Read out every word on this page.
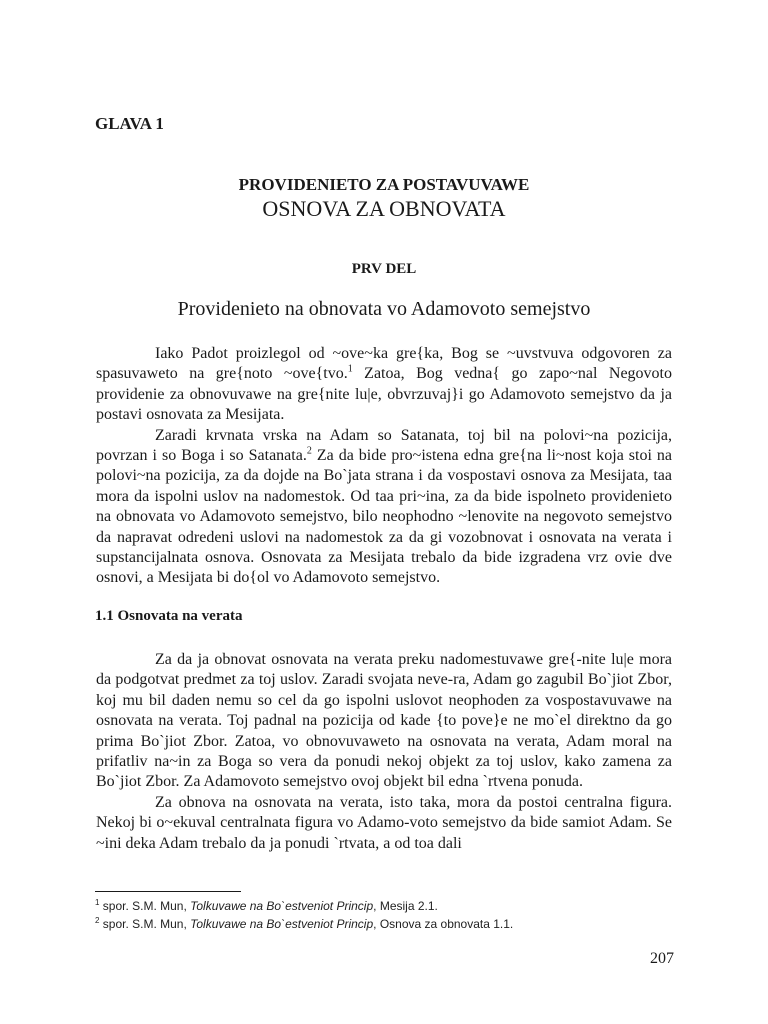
GLAVA 1
PROVIDENIETO ZA POSTAVUVAWE
OSNOVA ZA OBNOVATA
PRV DEL
Providenieto na obnovata vo Adamovoto semejstvo

Iako Padot proizlegol od ~ove~ka gre{ka, Bog se ~uvstvuva odgovoren za spasuvaweto na gre{noto ~ove{tvo.$^1$ Zatoa, Bog vedna{ go zapo~nal Negovoto providenie za obnovuvawe na gre{nite lu|e, obvrzuvaj}i go Adamovoto semejstvo da ja postavi osnovata za Mesijata.

Zaradi krvnata vrska na Adam so Satanata, toj bil na polovi~na pozicija, povrzan i so Boga i so Satanata.$^2$ Za da bide pro~istena edna gre{na li~nost koja stoi na polovi~na pozicija, za da dojde na Bo`jata strana i da vospostavi osnova za Mesijata, taa mora da ispolni uslov na nadomestok. Od taa pri~ina, za da bide ispolneto providenieto na obnovata vo Adamovoto semejstvo, bilo neophodno ~lenovite na negovoto semejstvo da napravat odredeni uslovi na nadomestok za da gi vozobnovat i osnovata na verata i supstancijalnata osnova. Osnovata za Mesijata trebalo da bide izgradena vrz ovie dve osnovi, a Mesijata bi do{ol vo Adamovoto semejstvo.

1.1 Osnovata na verata

Za da ja obnovat osnovata na verata preku nadomestuvawe gre{-nite lu|e mora da podgotvat predmet za toj uslov. Zaradi svojata neve-ra, Adam go zagubil Bo`jiot Zbor, koj mu bil daden nemu so cel da go ispolni uslovot neophoden za vospostavuvawe na osnovata na verata. Toj padnal na pozicija od kade {to pove}e ne mo`el direktno da go prima Bo`jiot Zbor. Zatoa, vo obnovuvaweto na osnovata na verata, Adam moral na prifatliv na~in za Boga so vera da ponudi nekoj objekt za toj uslov, kako zamena za Bo`jiot Zbor. Za Adamovoto semejstvo ovoj objekt bil edna `rtvena ponuda.

Za obnova na osnovata na verata, isto taka, mora da postoi centralna figura. Nekoj bi o~ekuval centralnata figura vo Adamo-voto semejstvo da bide samiot Adam. Se ~ini deka Adam trebalo da ja ponudi `rtvata, a od toa dali

$^1$ spor. S.M. Mun, Tolkuvawe na Bo`estveniot Princip, Mesija 2.1.
$^2$ spor. S.M. Mun, Tolkuvawe na Bo`estveniot Princip, Osnova za obnovata 1.1.
207
